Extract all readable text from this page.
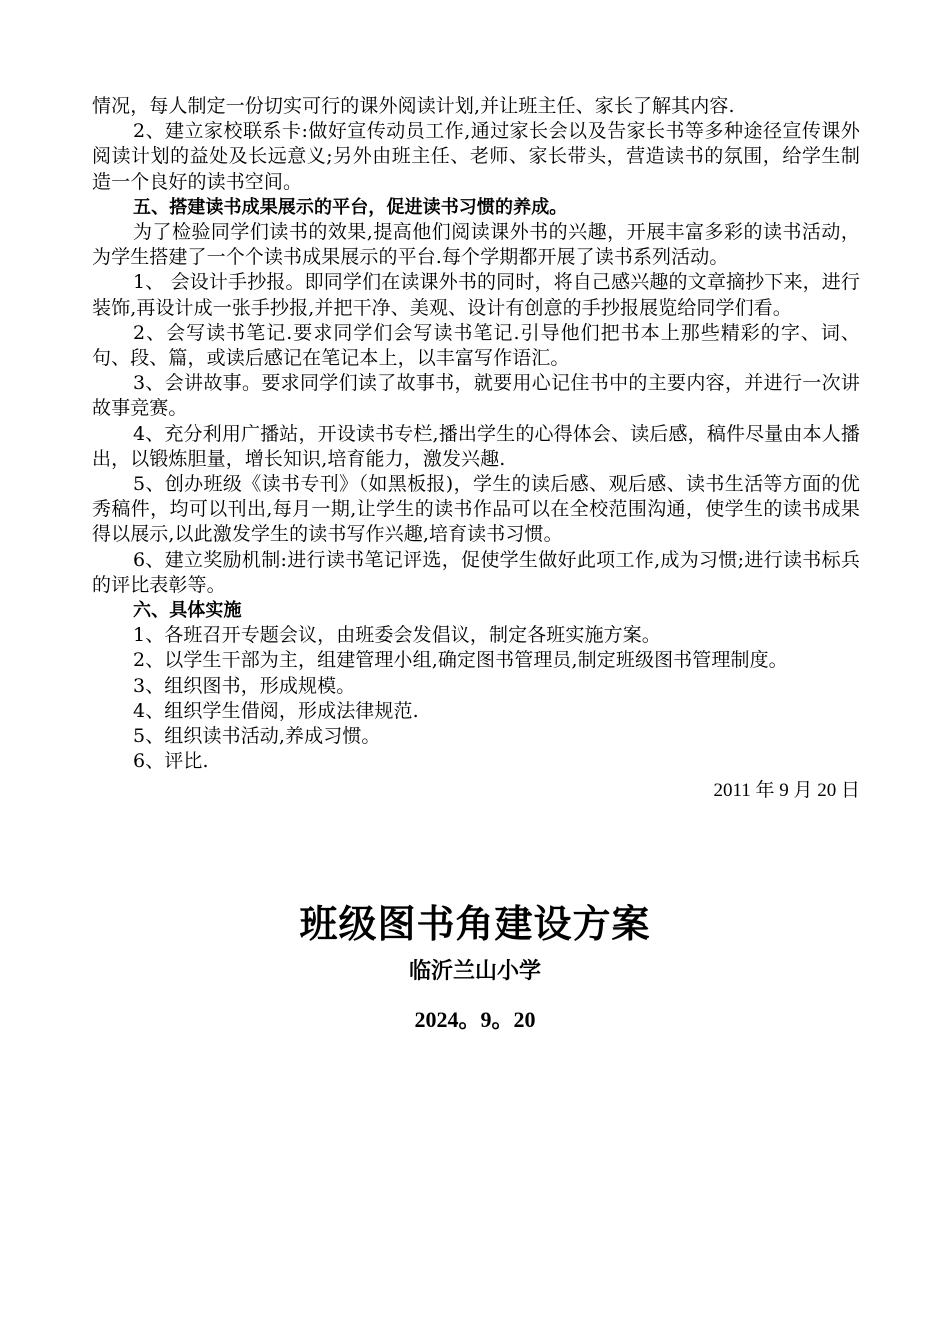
情况，每人制定一份切实可行的课外阅读计划,并让班主任、家长了解其内容.

2、建立家校联系卡:做好宣传动员工作,通过家长会以及告家长书等多种途径宣传课外阅读计划的益处及长远意义;另外由班主任、老师、家长带头，营造读书的氛围，给学生制造一个良好的读书空间。

五、搭建读书成果展示的平台，促进读书习惯的养成。

为了检验同学们读书的效果,提高他们阅读课外书的兴趣，开展丰富多彩的读书活动，为学生搭建了一个个读书成果展示的平台.每个学期都开展了读书系列活动。

1、 会设计手抄报。即同学们在读课外书的同时，将自己感兴趣的文章摘抄下来，进行装饰,再设计成一张手抄报,并把干净、美观、设计有创意的手抄报展览给同学们看。

2、会写读书笔记.要求同学们会写读书笔记.引导他们把书本上那些精彩的字、词、句、段、篇，或读后感记在笔记本上，以丰富写作语汇。

3、会讲故事。要求同学们读了故事书，就要用心记住书中的主要内容，并进行一次讲故事竞赛。

4、充分利用广播站，开设读书专栏,播出学生的心得体会、读后感，稿件尽量由本人播出，以锻炼胆量，增长知识,培育能力，激发兴趣.

5、创办班级《读书专刊》（如黑板报)，学生的读后感、观后感、读书生活等方面的优秀稿件，均可以刊出,每月一期,让学生的读书作品可以在全校范围沟通，使学生的读书成果得以展示,以此激发学生的读书写作兴趣,培育读书习惯。

6、建立奖励机制:进行读书笔记评选，促使学生做好此项工作,成为习惯;进行读书标兵的评比表彰等。

六、具体实施

1、各班召开专题会议，由班委会发倡议，制定各班实施方案。

2、以学生干部为主，组建管理小组,确定图书管理员,制定班级图书管理制度。

3、组织图书，形成规模。

4、组织学生借阅，形成法律规范.

5、组织读书活动,养成习惯。

6、评比.

2011 年 9 月 20 日

班级图书角建设方案

临沂兰山小学

2024。9。20
